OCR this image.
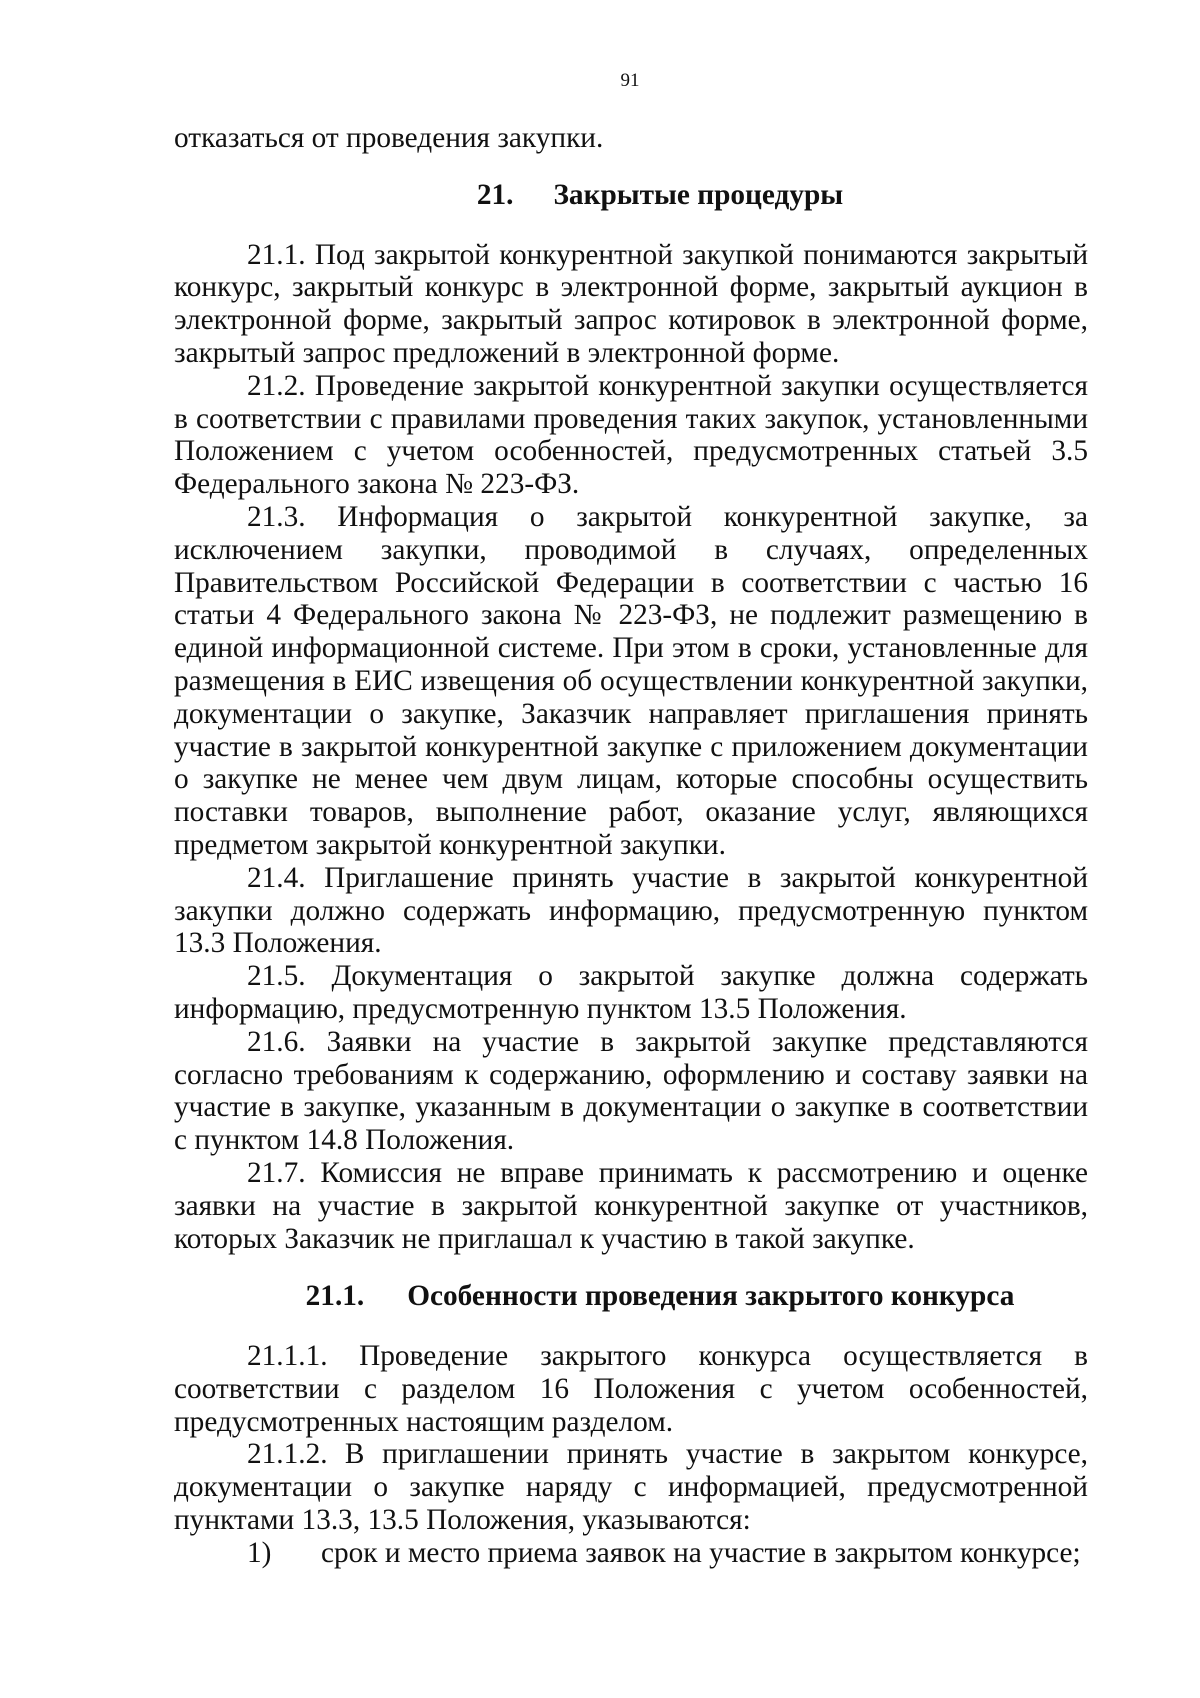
91

отказаться от проведения закупки.

21. Закрытые процедуры

21.1. Под закрытой конкурентной закупкой понимаются закрытый конкурс, закрытый конкурс в электронной форме, закрытый аукцион в электронной форме, закрытый запрос котировок в электронной форме, закрытый запрос предложений в электронной форме.

21.2. Проведение закрытой конкурентной закупки осуществляется в соответствии с правилами проведения таких закупок, установленными Положением с учетом особенностей, предусмотренных статьей 3.5 Федерального закона № 223-ФЗ.

21.3. Информация о закрытой конкурентной закупке, за исключением закупки, проводимой в случаях, определенных Правительством Российской Федерации в соответствии с частью 16 статьи 4 Федерального закона № 223-ФЗ, не подлежит размещению в единой информационной системе. При этом в сроки, установленные для размещения в ЕИС извещения об осуществлении конкурентной закупки, документации о закупке, Заказчик направляет приглашения принять участие в закрытой конкурентной закупке с приложением документации о закупке не менее чем двум лицам, которые способны осуществить поставки товаров, выполнение работ, оказание услуг, являющихся предметом закрытой конкурентной закупки.

21.4. Приглашение принять участие в закрытой конкурентной закупки должно содержать информацию, предусмотренную пунктом 13.3 Положения.

21.5. Документация о закрытой закупке должна содержать информацию, предусмотренную пунктом 13.5 Положения.

21.6. Заявки на участие в закрытой закупке представляются согласно требованиям к содержанию, оформлению и составу заявки на участие в закупке, указанным в документации о закупке в соответствии с пунктом 14.8 Положения.

21.7. Комиссия не вправе принимать к рассмотрению и оценке заявки на участие в закрытой конкурентной закупке от участников, которых Заказчик не приглашал к участию в такой закупке.

21.1. Особенности проведения закрытого конкурса

21.1.1. Проведение закрытого конкурса осуществляется в соответствии с разделом 16 Положения с учетом особенностей, предусмотренных настоящим разделом.

21.1.2. В приглашении принять участие в закрытом конкурсе, документации о закупке наряду с информацией, предусмотренной пунктами 13.3, 13.5 Положения, указываются:

1) срок и место приема заявок на участие в закрытом конкурсе;
